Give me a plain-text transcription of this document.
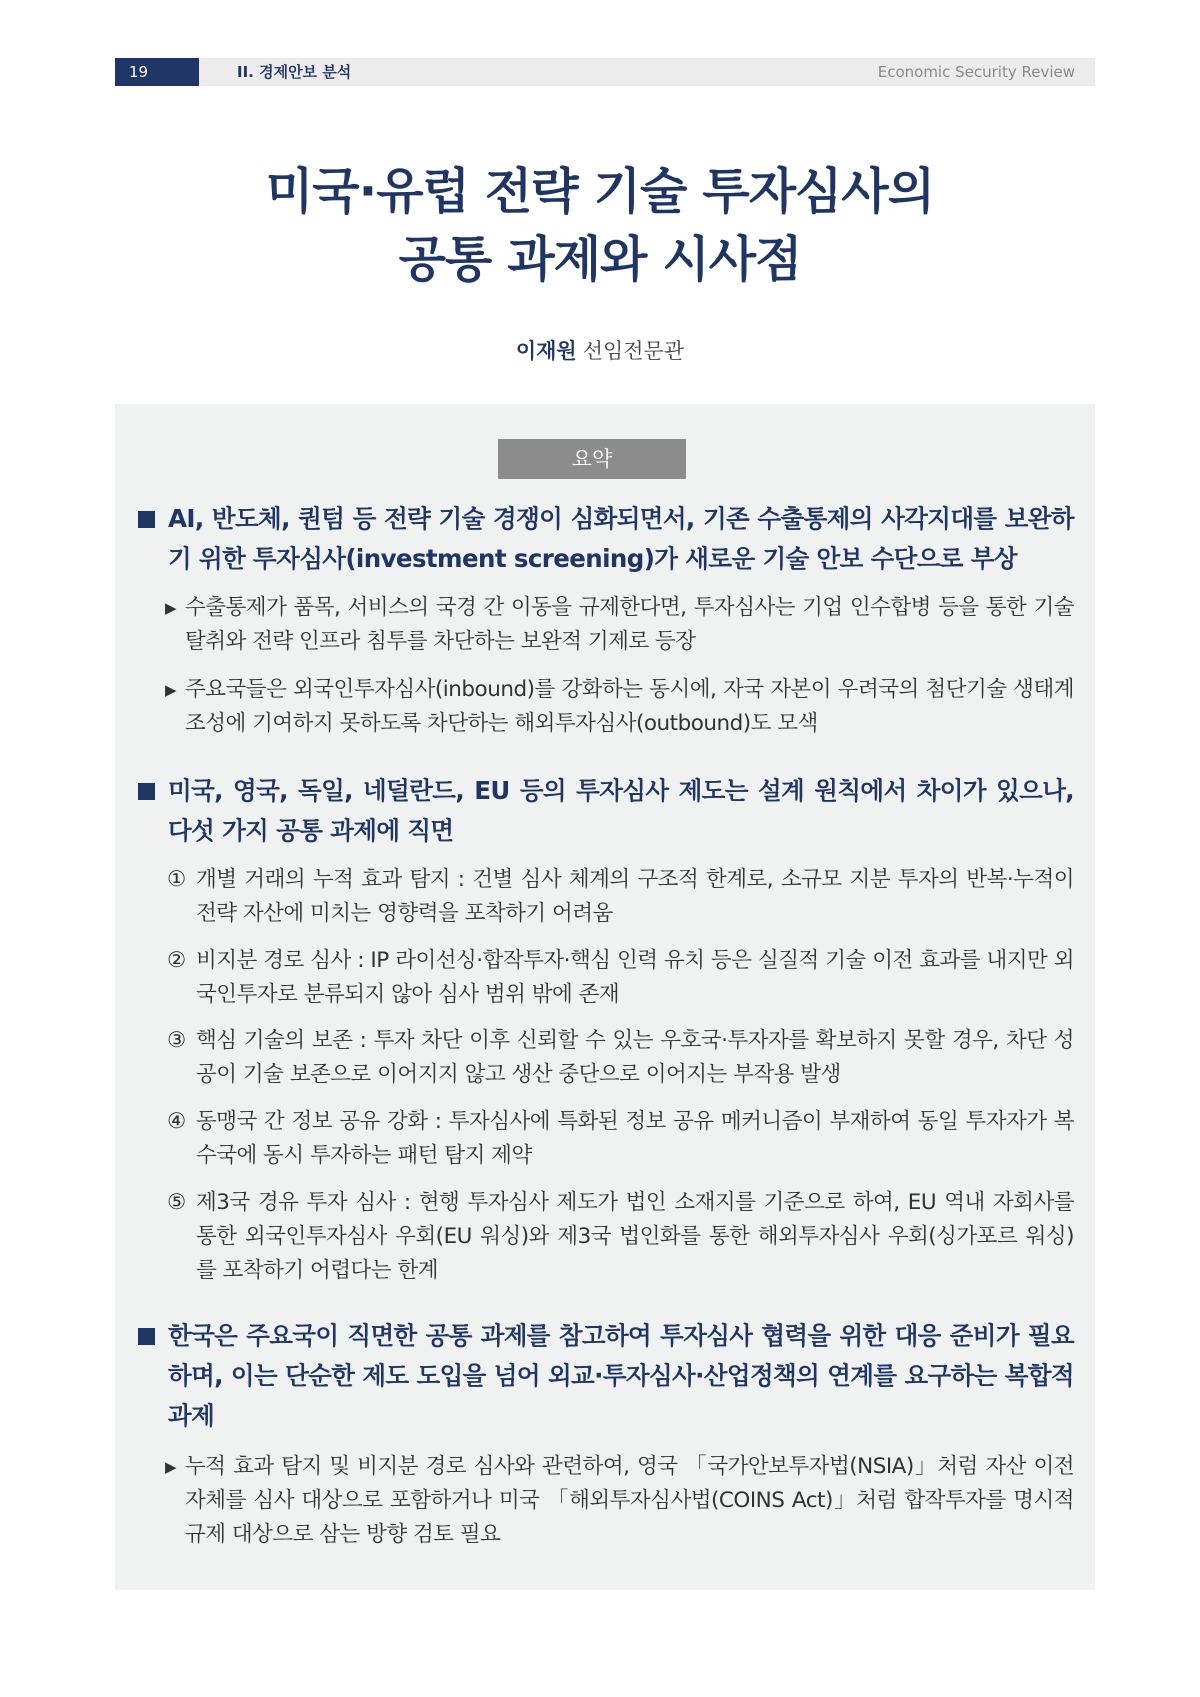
19	II. 경제안보 분석	Economic Security Review
미국·유럽 전략 기술 투자심사의
공통 과제와 시사점
이재원 선임전문관
요약

AI, 반도체, 퀀텀 등 전략 기술 경쟁이 심화되면서, 기존 수출통제의 사각지대를 보완하기 위한 투자심사(investment screening)가 새로운 기술 안보 수단으로 부상

▶ 수출통제가 품목, 서비스의 국경 간 이동을 규제한다면, 투자심사는 기업 인수합병 등을 통한 기술 탈취와 전략 인프라 침투를 차단하는 보완적 기제로 등장

▶ 주요국들은 외국인투자심사(inbound)를 강화하는 동시에, 자국 자본이 우려국의 첨단기술 생태계 조성에 기여하지 못하도록 차단하는 해외투자심사(outbound)도 모색

미국, 영국, 독일, 네덜란드, EU 등의 투자심사 제도는 설계 원칙에서 차이가 있으나, 다섯 가지 공통 과제에 직면

① 개별 거래의 누적 효과 탐지 : 건별 심사 체계의 구조적 한계로, 소규모 지분 투자의 반복·누적이 전략 자산에 미치는 영향력을 포착하기 어려움

② 비지분 경로 심사 : IP 라이선싱·합작투자·핵심 인력 유치 등은 실질적 기술 이전 효과를 내지만 외국인투자로 분류되지 않아 심사 범위 밖에 존재

③ 핵심 기술의 보존 : 투자 차단 이후 신뢰할 수 있는 우호국·투자자를 확보하지 못할 경우, 차단 성공이 기술 보존으로 이어지지 않고 생산 중단으로 이어지는 부작용 발생

④ 동맹국 간 정보 공유 강화 : 투자심사에 특화된 정보 공유 메커니즘이 부재하여 동일 투자자가 복수국에 동시 투자하는 패턴 탐지 제약

⑤ 제3국 경유 투자 심사 : 현행 투자심사 제도가 법인 소재지를 기준으로 하여, EU 역내 자회사를 통한 외국인투자심사 우회(EU 워싱)와 제3국 법인화를 통한 해외투자심사 우회(싱가포르 워싱)를 포착하기 어렵다는 한계

한국은 주요국이 직면한 공통 과제를 참고하여 투자심사 협력을 위한 대응 준비가 필요하며, 이는 단순한 제도 도입을 넘어 외교·투자심사·산업정책의 연계를 요구하는 복합적 과제

▶ 누적 효과 탐지 및 비지분 경로 심사와 관련하여, 영국 「국가안보투자법(NSIA)」처럼 자산 이전 자체를 심사 대상으로 포함하거나 미국 「해외투자심사법(COINS Act)」처럼 합작투자를 명시적 규제 대상으로 삼는 방향 검토 필요
